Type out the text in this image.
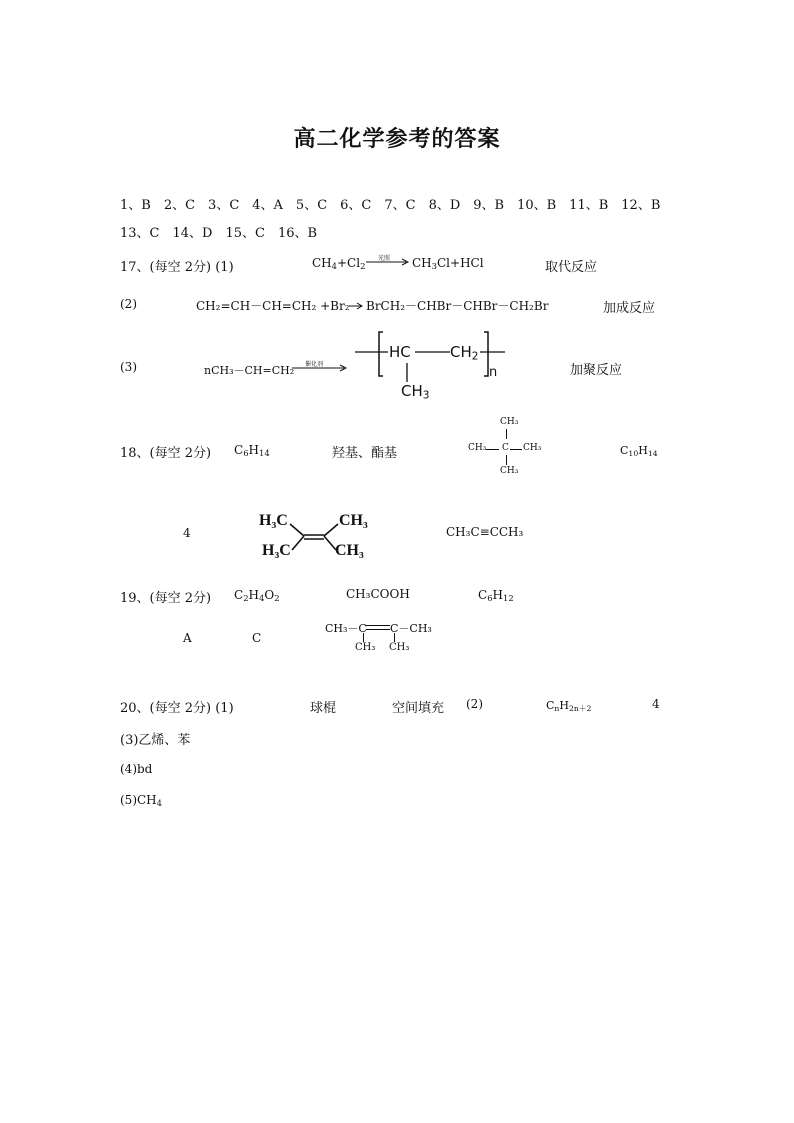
高二化学参考的答案
1、B　2、C　3、C　4、A　5、C　6、C　7、C　8、D　9、B　10、B　11、B　12、B
13、C　14、D　15、C　16、B
17、(每空 2分) (1)	$CH_4+Cl_2$
光照 $CH_3Cl+HCl$	取代反应
(2)	CH₂=CH－CH=CH₂ +Br₂ BrCH₂－CHBr－CHBr－CH₂Br	加成反应
(3)	nCH₃－CH=CH₂ 催化剂
HC	$CH_2$
n
$CH_3$
加聚反应
18、(每空 2分) $C_6H_{14}$	羟基、酯基
CH₃
CH₃ C CH₃
CH₃
$C_{10}H_{14}$
4
H₃C
H₃C
CH₃
CH₃
CH₃C≡CCH₃
19、(每空 2分) $C_2H_4O_2$	CH₃COOH	$C_6H_{12}$
A	C
CH₃－C C－CH₃
CH₃ CH₃
20、(每空 2分) (1)	球棍	空间填充 (2)	$C_nH_{2n+2}$	4
(3)乙烯、苯
(4)bd
$(5)CH_4$
